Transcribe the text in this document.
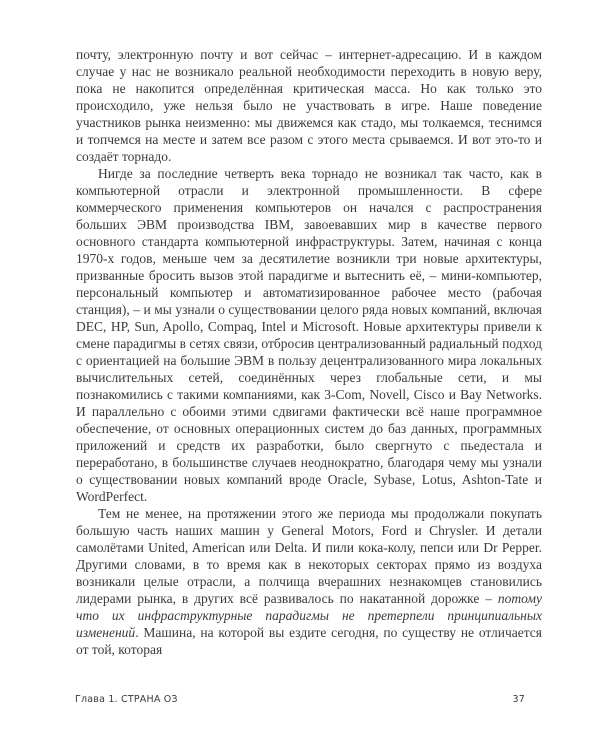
почту, электронную почту и вот сейчас – интернет-адресацию. И в каждом случае у нас не возникало реальной необходимости переходить в новую веру, пока не накопится определённая критическая масса. Но как только это происходило, уже нельзя было не участвовать в игре. Наше поведение участников рынка неизменно: мы движемся как стадо, мы толкаемся, теснимся и топчемся на месте и затем все разом с этого места срываемся. И вот это-то и создаёт торнадо.

Нигде за последние четверть века торнадо не возникал так часто, как в компьютерной отрасли и электронной промышленности. В сфере коммерческого применения компьютеров он начался с распространения больших ЭВМ производства IBM, завоевавших мир в качестве первого основного стандарта компьютерной инфраструктуры. Затем, начиная с конца 1970-х годов, меньше чем за десятилетие возникли три новые архитектуры, призванные бросить вызов этой парадигме и вытеснить её, – мини-компьютер, персональный компьютер и автоматизированное рабочее место (рабочая станция), – и мы узнали о существовании целого ряда новых компаний, включая DEC, HP, Sun, Apollo, Compaq, Intel и Microsoft. Новые архитектуры привели к смене парадигмы в сетях связи, отбросив централизованный радиальный подход с ориентацией на большие ЭВМ в пользу децентрализованного мира локальных вычислительных сетей, соединённых через глобальные сети, и мы познакомились с такими компаниями, как 3-Com, Novell, Cisco и Bay Networks. И параллельно с обоими этими сдвигами фактически всё наше программное обеспечение, от основных операционных систем до баз данных, программных приложений и средств их разработки, было свергнуто с пьедестала и переработано, в большинстве случаев неоднократно, благодаря чему мы узнали о существовании новых компаний вроде Oracle, Sybase, Lotus, Ashton-Tate и WordPerfect.

Тем не менее, на протяжении этого же периода мы продолжали покупать большую часть наших машин у General Motors, Ford и Chrysler. И детали самолётами United, American или Delta. И пили кока-колу, пепси или Dr Pepper. Другими словами, в то время как в некоторых секторах прямо из воздуха возникали целые отрасли, а полчища вчерашних незнакомцев становились лидерами рынка, в других всё развивалось по накатанной дорожке – потому что их инфраструктурные парадигмы не претерпели принципиальных изменений. Машина, на которой вы ездите сегодня, по существу не отличается от той, которая

Глава 1. СТРАНА ОЗ	37
